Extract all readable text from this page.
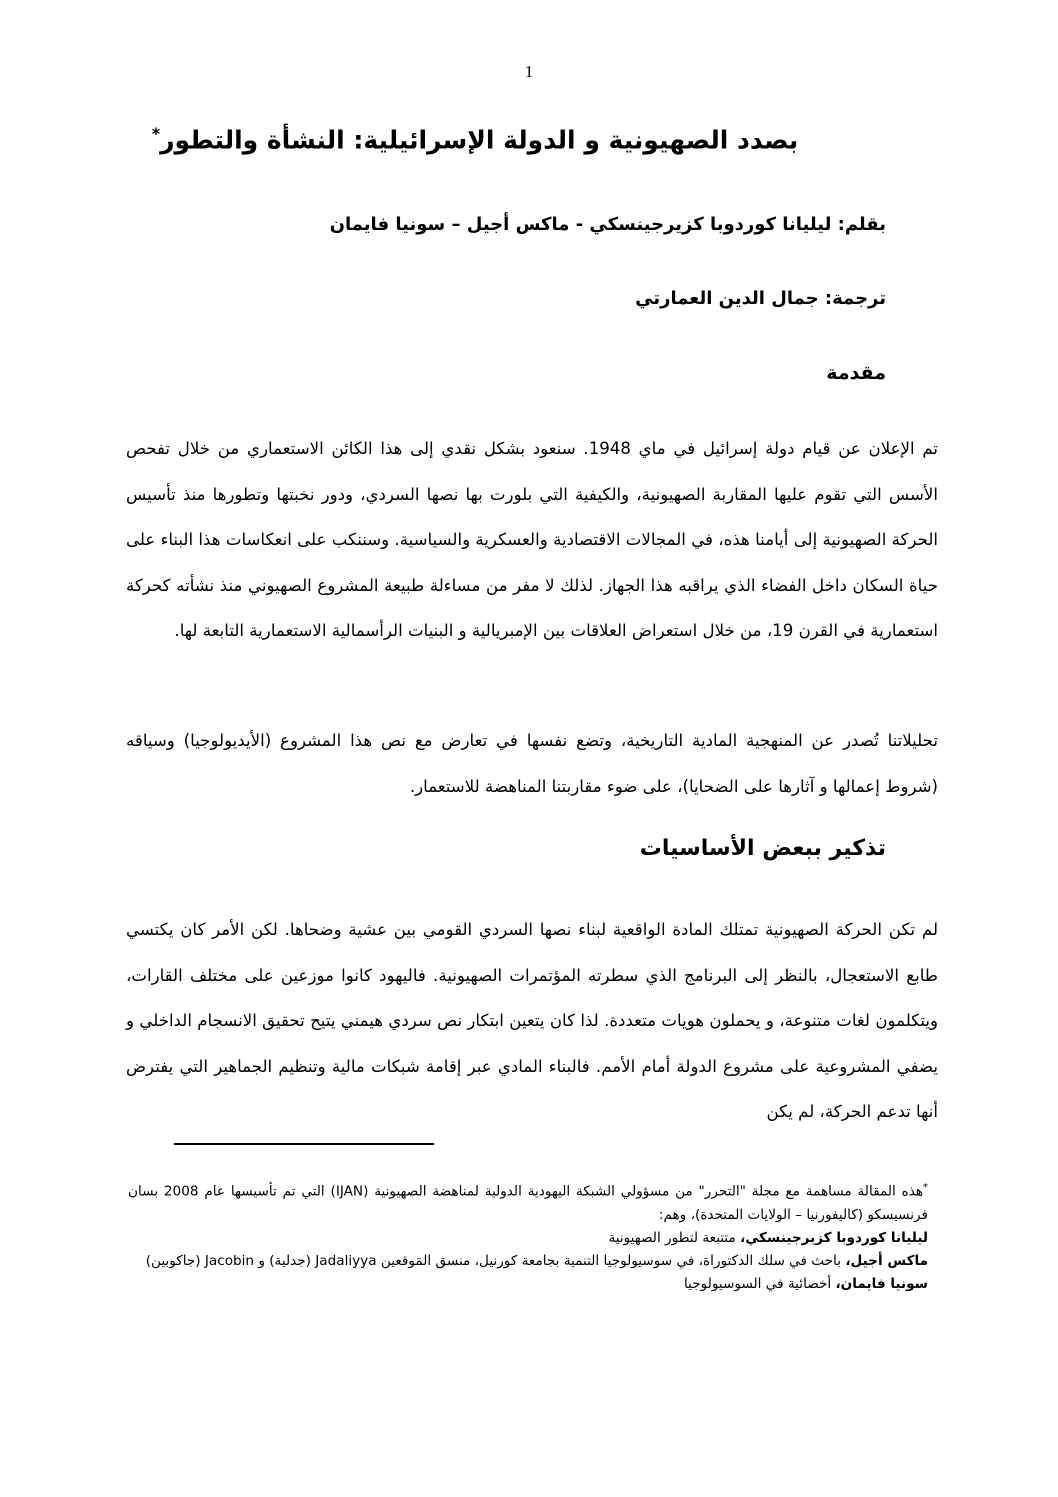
1
بصدد الصهيونية و الدولة الإسرائيلية: النشأة والتطور*
بقلم: ليليانا كوردوبا كزيرجينسكي - ماكس أجيل – سونيا فايمان
ترجمة: جمال الدين العمارتي
مقدمة

تم الإعلان عن قيام دولة إسرائيل في ماي 1948. سنعود بشكل نقدي إلى هذا الكائن الاستعماري من خلال تفحص الأسس التي تقوم عليها المقاربة الصهيونية، والكيفية التي بلورت بها نصها السردي، ودور نخبتها وتطورها منذ تأسيس الحركة الصهيونية إلى أيامنا هذه، في المجالات الاقتصادية والعسكرية والسياسية. وسننكب على انعكاسات هذا البناء على حياة السكان داخل الفضاء الذي يراقبه هذا الجهاز. لذلك لا مفر من مساءلة طبيعة المشروع الصهيوني منذ نشأته كحركة استعمارية في القرن 19، من خلال استعراض العلاقات بين الإمبريالية و البنيات الرأسمالية الاستعمارية التابعة لها.

تحليلاتنا تُصدر عن المنهجية المادية التاريخية، وتضع نفسها في تعارض مع نص هذا المشروع (الأيديولوجيا) وسياقه (شروط إعمالها و آثارها على الضحايا)، على ضوء مقاربتنا المناهضة للاستعمار.

تذكير ببعض الأساسيات

لم تكن الحركة الصهيونية تمتلك المادة الواقعية لبناء نصها السردي القومي بين عشية وضحاها. لكن الأمر كان يكتسي طابع الاستعجال، بالنظر إلى البرنامج الذي سطرته المؤتمرات الصهيونية. فاليهود كانوا موزعين على مختلف القارات، ويتكلمون لغات متنوعة، و يحملون هويات متعددة. لذا كان يتعين ابتكار نص سردي هيمني يتيح تحقيق الانسجام الداخلي و يضفي المشروعية على مشروع الدولة أمام الأمم. فالبناء المادي عبر إقامة شبكات مالية وتنظيم الجماهير التي يفترض أنها تدعم الحركة، لم يكن

*هذه المقالة مساهمة مع مجلة "التحرر" من مسؤولي الشبكة اليهودية الدولية لمناهضة الصهيونية (IJAN) التي تم تأسيسها عام 2008 بسان فرنسيسكو (كاليفورنيا – الولايات المتحدة)، وهم:

ليليانا كوردوبا كزيرجينسكي، متتبعة لتطور الصهيونية

ماكس أجيل، باحث في سلك الدكتوراة، في سوسيولوجيا التنمية بجامعة كورنيل، منسق المَوقعين Jadaliyya (جدلية) و Jacobin (جاكوبين)

سونيا فايمان، أخصائية في السوسيولوجيا
